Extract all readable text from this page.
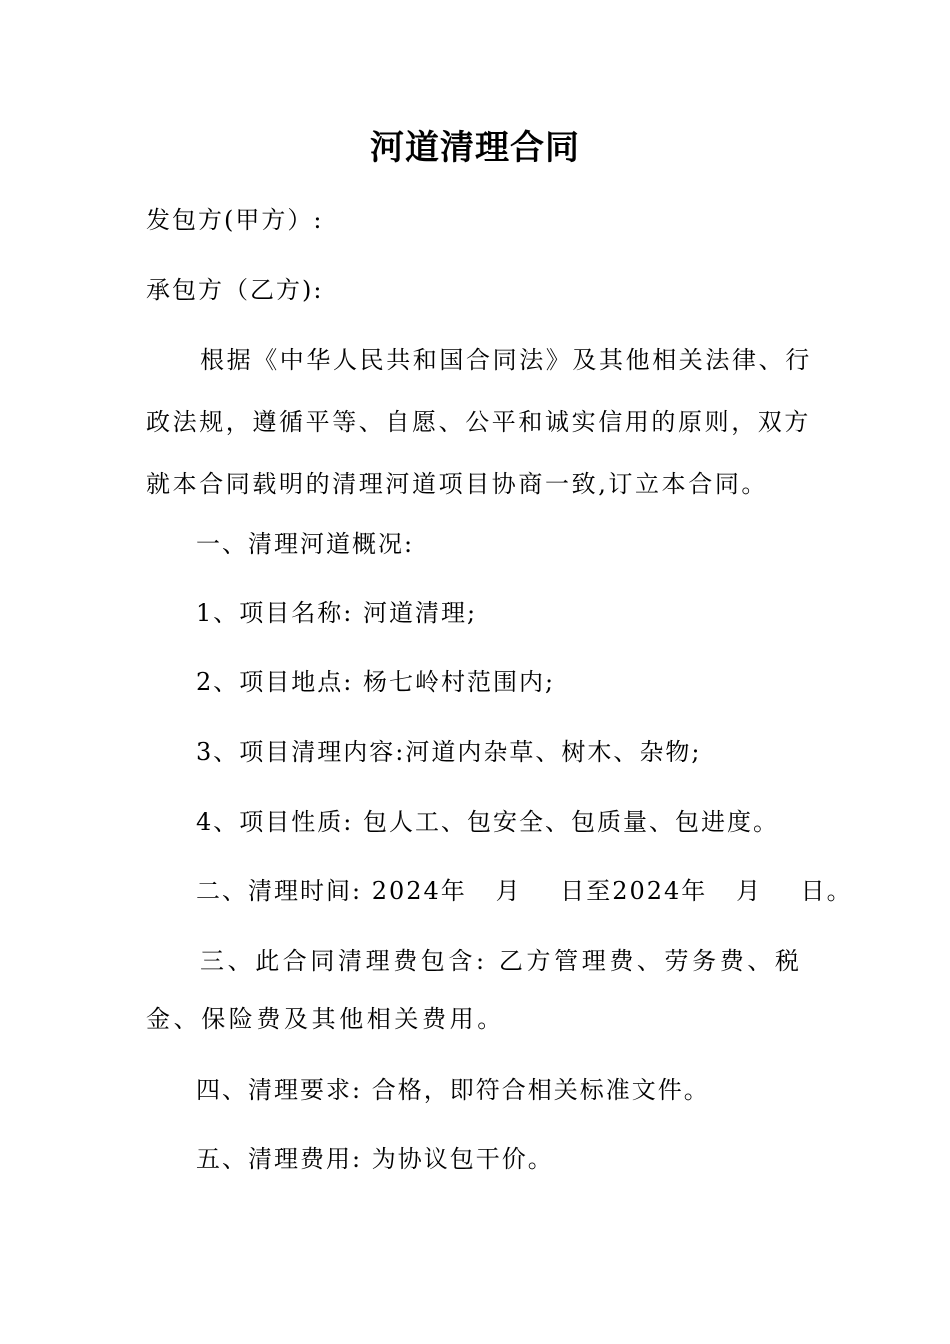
河道清理合同
发包方(甲方）:
承包方（乙方):
根据《中华人民共和国合同法》及其他相关法律、行政法规，遵循平等、自愿、公平和诚实信用的原则，双方就本合同载明的清理河道项目协商一致,订立本合同。
一、清理河道概况:
1、项目名称: 河道清理;
2、项目地点: 杨七岭村范围内;
3、项目清理内容:河道内杂草、树木、杂物;
4、项目性质: 包人工、包安全、包质量、包进度。
二、清理时间: 2024年   月    日至2024年   月    日。
三、此合同清理费包含: 乙方管理费、劳务费、税金、保险费及其他相关费用。
四、清理要求: 合格，即符合相关标准文件。
五、清理费用: 为协议包干价。
